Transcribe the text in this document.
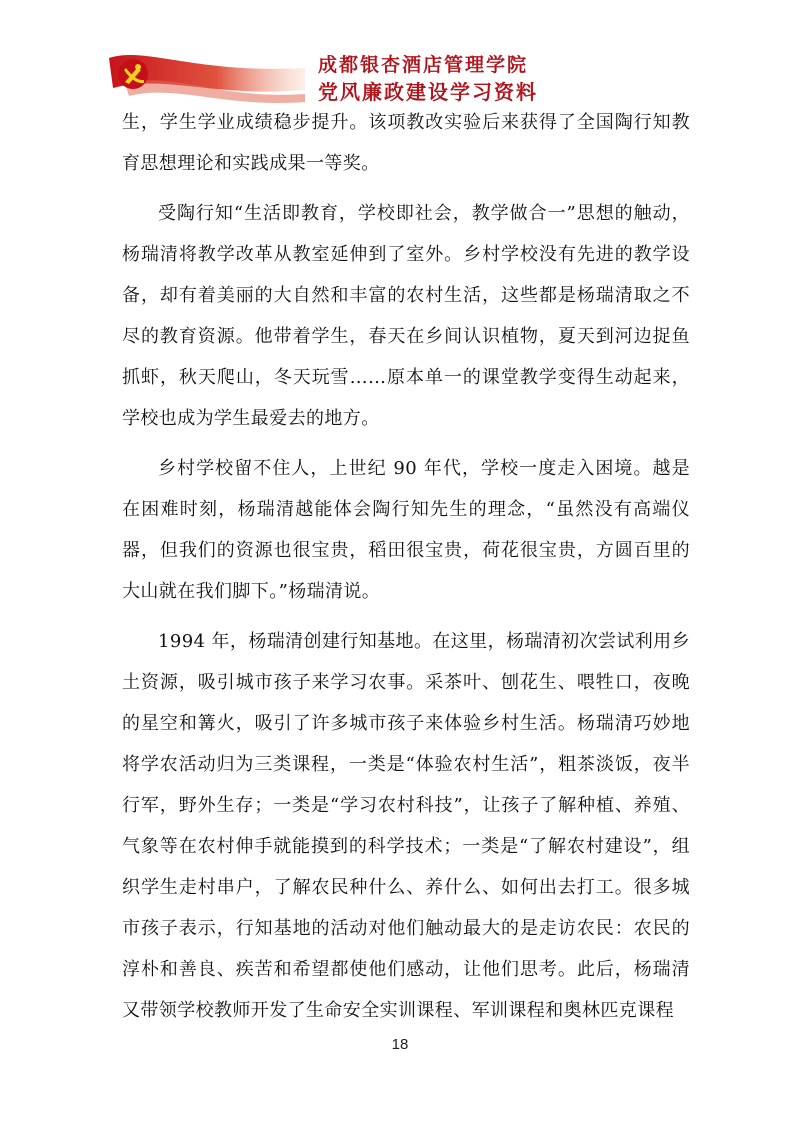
成都银杏酒店管理学院
党风廉政建设学习资料

生，学生学业成绩稳步提升。该项教改实验后来获得了全国陶行知教育思想理论和实践成果一等奖。

受陶行知“生活即教育，学校即社会，教学做合一”思想的触动，杨瑞清将教学改革从教室延伸到了室外。乡村学校没有先进的教学设备，却有着美丽的大自然和丰富的农村生活，这些都是杨瑞清取之不尽的教育资源。他带着学生，春天在乡间认识植物，夏天到河边捉鱼抓虾，秋天爬山，冬天玩雪……原本单一的课堂教学变得生动起来，学校也成为学生最爱去的地方。

乡村学校留不住人，上世纪 90 年代，学校一度走入困境。越是在困难时刻，杨瑞清越能体会陶行知先生的理念，“虽然没有高端仪器，但我们的资源也很宝贵，稻田很宝贵，荷花很宝贵，方圆百里的大山就在我们脚下。”杨瑞清说。

1994 年，杨瑞清创建行知基地。在这里，杨瑞清初次尝试利用乡土资源，吸引城市孩子来学习农事。采茶叶、刨花生、喂牲口，夜晚的星空和篝火，吸引了许多城市孩子来体验乡村生活。杨瑞清巧妙地将学农活动归为三类课程，一类是“体验农村生活”，粗茶淡饭，夜半行军，野外生存；一类是“学习农村科技”，让孩子了解种植、养殖、气象等在农村伸手就能摸到的科学技术；一类是“了解农村建设”，组织学生走村串户，了解农民种什么、养什么、如何出去打工。很多城市孩子表示，行知基地的活动对他们触动最大的是走访农民：农民的淳朴和善良、疾苦和希望都使他们感动，让他们思考。此后，杨瑞清又带领学校教师开发了生命安全实训课程、军训课程和奥林匹克课程

18
